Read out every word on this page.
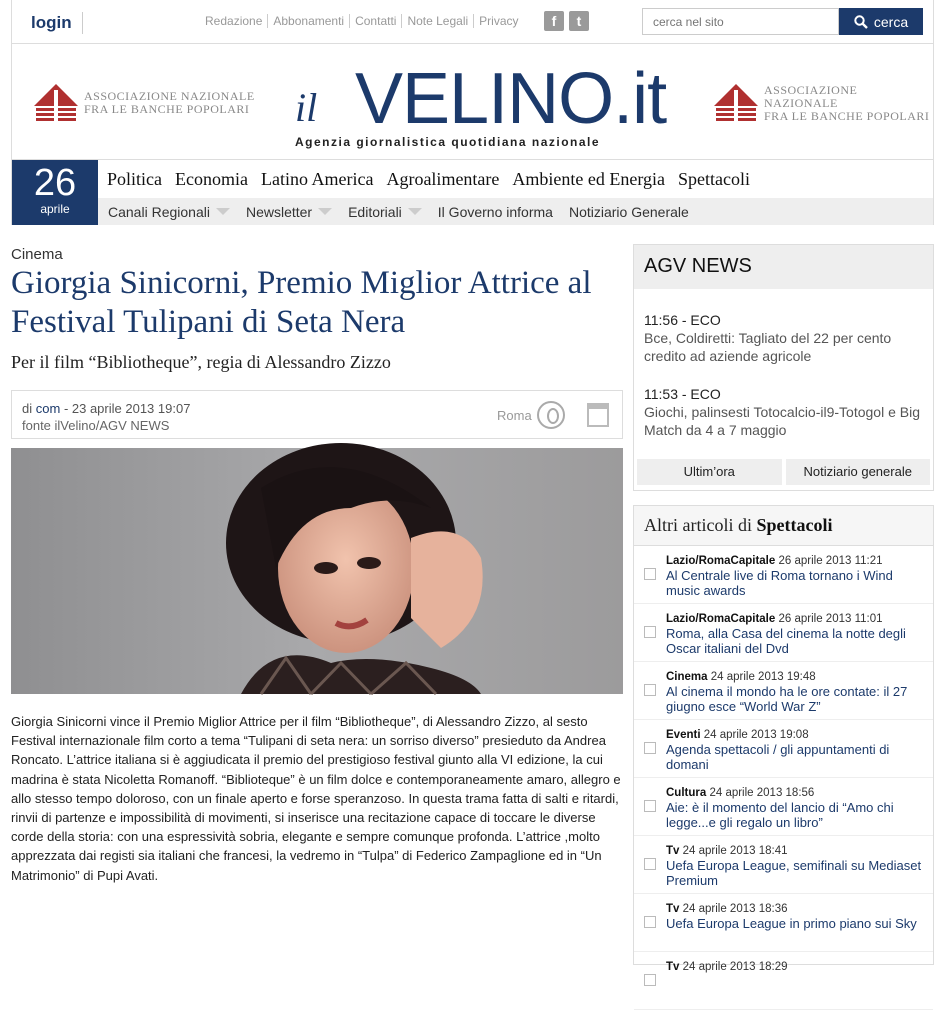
login	Redazione Abbonamenti Contatti Note Legali Privacy	f	t
cerca nel sito	cerca
ASSOCIAZIONE NAZIONALE
FRA LE BANCHE POPOLARI il VELINO.it
Agenzia giornalistica quotidiana nazionale
ASSOCIAZIONE NAZIONALE
FRA LE BANCHE POPOLARI
26
aprile
Politica Economia Latino America Agroalimentare Ambiente ed Energia Spettacoli
Canali Regionali	Newsletter	Editoriali	Il Governo informa Notiziario Generale
Cinema
Giorgia Sinicorni, Premio Miglior Attrice al Festival Tulipani di Seta Nera
Per il film “Bibliotheque”, regia di Alessandro Zizzo
di com - 23 aprile 2013 19:07
fonte ilVelino/AGV NEWS
Roma
Giorgia Sinicorni vince il Premio Miglior Attrice per il film “Bibliotheque”, di Alessandro Zizzo, al sesto Festival internazionale film corto a tema “Tulipani di seta nera: un sorriso diverso” presieduto da Andrea Roncato. L’attrice italiana si è aggiudicata il premio del prestigioso festival giunto alla VI edizione, la cui madrina è stata Nicoletta Romanoff. “Biblioteque” è un film dolce e contemporaneamente amaro, allegro e allo stesso tempo doloroso, con un finale aperto e forse speranzoso. In questa trama fatta di salti e ritardi, rinvii di partenze e impossibilità di movimenti, si inserisce una recitazione capace di toccare le diverse corde della storia: con una espressività sobria, elegante e sempre comunque profonda. L’attrice ,molto apprezzata dai registi sia italiani che francesi, la vedremo in “Tulpa” di Federico Zampaglione ed in “Un Matrimonio” di Pupi Avati.
AGV NEWS
11:56 - ECO
Bce, Coldiretti: Tagliato del 22 per cento credito ad aziende agricole
11:53 - ECO
Giochi, palinsesti Totocalcio-il9-Totogol e Big Match da 4 a 7 maggio
Ultim’ora	Notiziario generale
Altri articoli di Spettacoli
Lazio/RomaCapitale 26 aprile 2013 11:21
Al Centrale live di Roma tornano i Wind music awards
Lazio/RomaCapitale 26 aprile 2013 11:01
Roma, alla Casa del cinema la notte degli Oscar italiani del Dvd
Cinema 24 aprile 2013 19:48
Al cinema il mondo ha le ore contate: il 27 giugno esce “World War Z”
Eventi 24 aprile 2013 19:08
Agenda spettacoli / gli appuntamenti di domani
Cultura 24 aprile 2013 18:56
Aie: è il momento del lancio di “Amo chi legge...e gli regalo un libro”
Tv 24 aprile 2013 18:41
Uefa Europa League, semifinali su Mediaset Premium
Tv 24 aprile 2013 18:36
Uefa Europa League in primo piano sui Sky
Tv 24 aprile 2013 18:29
